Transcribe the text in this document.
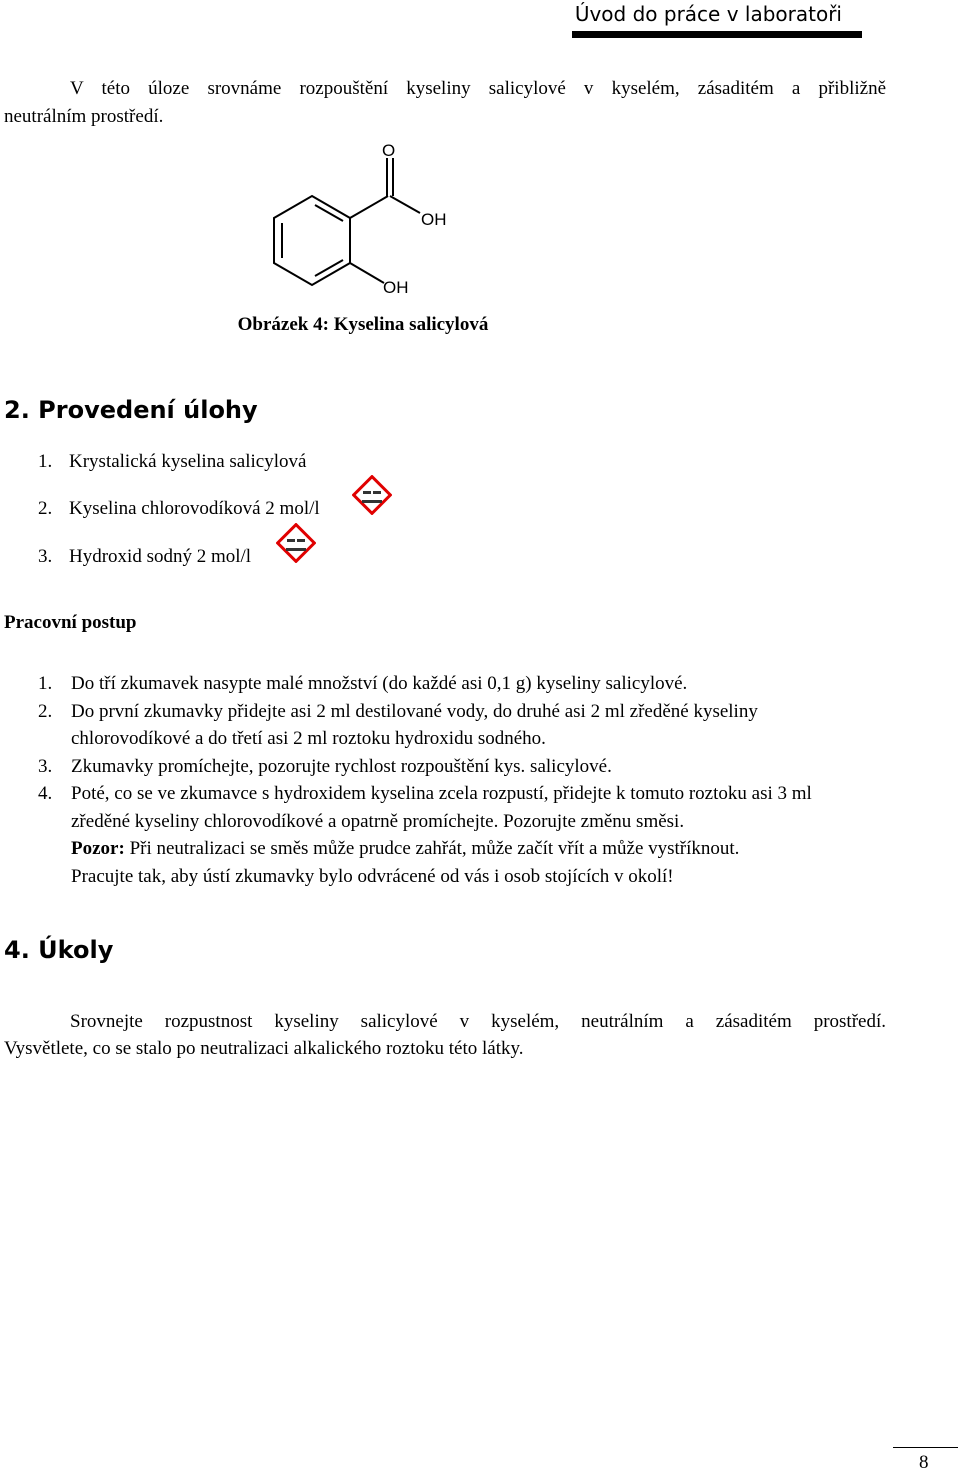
Úvod do práce v laboratoři

V této úloze srovnáme rozpouštění kyseliny salicylové v kyselém, zásaditém a přibližně

neutrálním prostředí.

O
OH
OH
Obrázek 4: Kyselina salicylová
2. Provedení úlohy
1. Krystalická kyselina salicylová
2. Kyselina chlorovodíková 2 mol/l
3. Hydroxid sodný 2 mol/l
Pracovní postup
1. Do tří zkumavek nasypte malé množství (do každé asi 0,1 g) kyseliny salicylové.
2. Do první zkumavky přidejte asi 2 ml destilované vody, do druhé asi 2 ml zředěné kyseliny chlorovodíkové a do třetí asi 2 ml roztoku hydroxidu sodného.
3. Zkumavky promíchejte, pozorujte rychlost rozpouštění kys. salicylové.
4. Poté, co se ve zkumavce s hydroxidem kyselina zcela rozpustí, přidejte k tomuto roztoku asi 3 ml zředěné kyseliny chlorovodíkové a opatrně promíchejte. Pozorujte změnu směsi.
Pozor: Při neutralizaci se směs může prudce zahřát, může začít vřít a může vystříknout.
Pracujte tak, aby ústí zkumavky bylo odvrácené od vás i osob stojících v okolí!
4. Úkoly

Srovnejte rozpustnost kyseliny salicylové v kyselém, neutrálním a zásaditém prostředí.

Vysvětlete, co se stalo po neutralizaci alkalického roztoku této látky.

8
